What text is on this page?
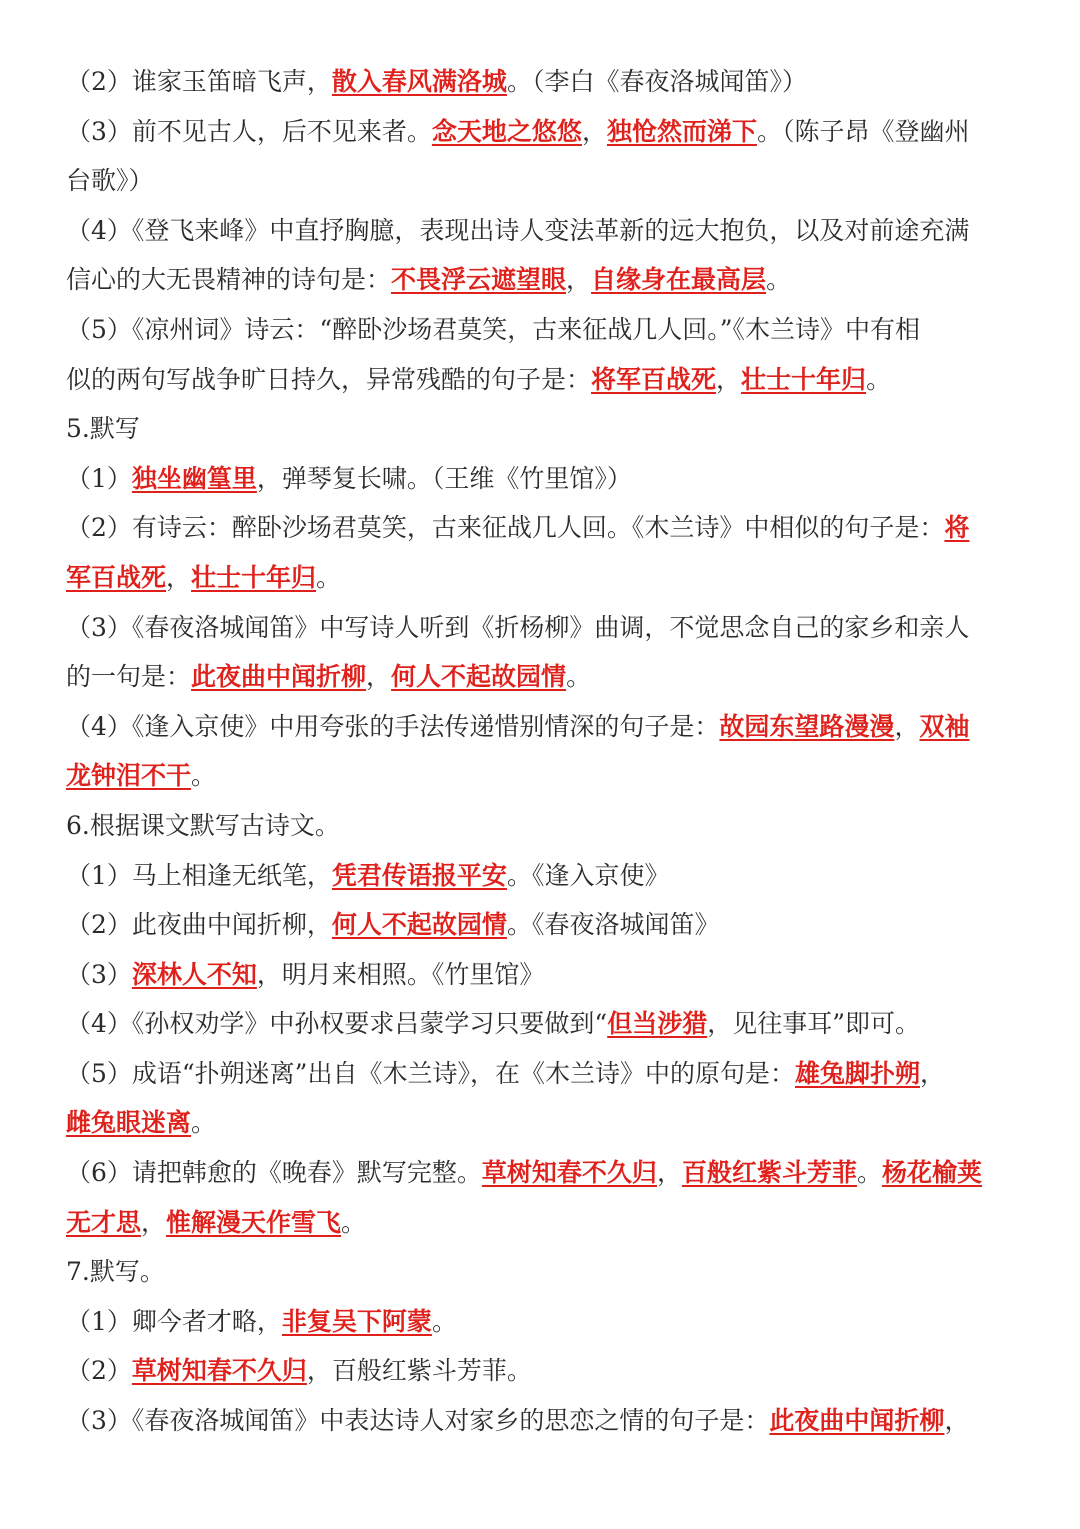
（2）谁家玉笛暗飞声，散入春风满洛城。（李白《春夜洛城闻笛》）
（3）前不见古人，后不见来者。念天地之悠悠，独怆然而涕下。（陈子昂《登幽州
台歌》）
（4）《登飞来峰》中直抒胸臆，表现出诗人变法革新的远大抱负，以及对前途充满
信心的大无畏精神的诗句是：不畏浮云遮望眼，自缘身在最高层。
（5）《凉州词》诗云：“醉卧沙场君莫笑，古来征战几人回。”《木兰诗》中有相
似的两句写战争旷日持久，异常残酷的句子是：将军百战死，壮士十年归。
5.默写
（1）独坐幽篁里，弹琴复长啸。（王维《竹里馆》）
（2）有诗云：醉卧沙场君莫笑，古来征战几人回。《木兰诗》中相似的句子是：将
军百战死，壮士十年归。
（3）《春夜洛城闻笛》中写诗人听到《折杨柳》曲调，不觉思念自己的家乡和亲人
的一句是：此夜曲中闻折柳，何人不起故园情。
（4）《逢入京使》中用夸张的手法传递惜别情深的句子是：故园东望路漫漫，双袖
龙钟泪不干。
6.根据课文默写古诗文。
（1）马上相逢无纸笔，凭君传语报平安。《逢入京使》
（2）此夜曲中闻折柳，何人不起故园情。《春夜洛城闻笛》
（3）深林人不知，明月来相照。《竹里馆》
（4）《孙权劝学》中孙权要求吕蒙学习只要做到“但当涉猎，见往事耳”即可。
（5）成语“扑朔迷离”出自《木兰诗》，在《木兰诗》中的原句是：雄兔脚扑朔，
雌兔眼迷离。
（6）请把韩愈的《晚春》默写完整。草树知春不久归，百般红紫斗芳菲。杨花榆荚
无才思，惟解漫天作雪飞。
7.默写。
（1）卿今者才略，非复吴下阿蒙。
（2）草树知春不久归，百般红紫斗芳菲。
（3）《春夜洛城闻笛》中表达诗人对家乡的思恋之情的句子是：此夜曲中闻折柳，
